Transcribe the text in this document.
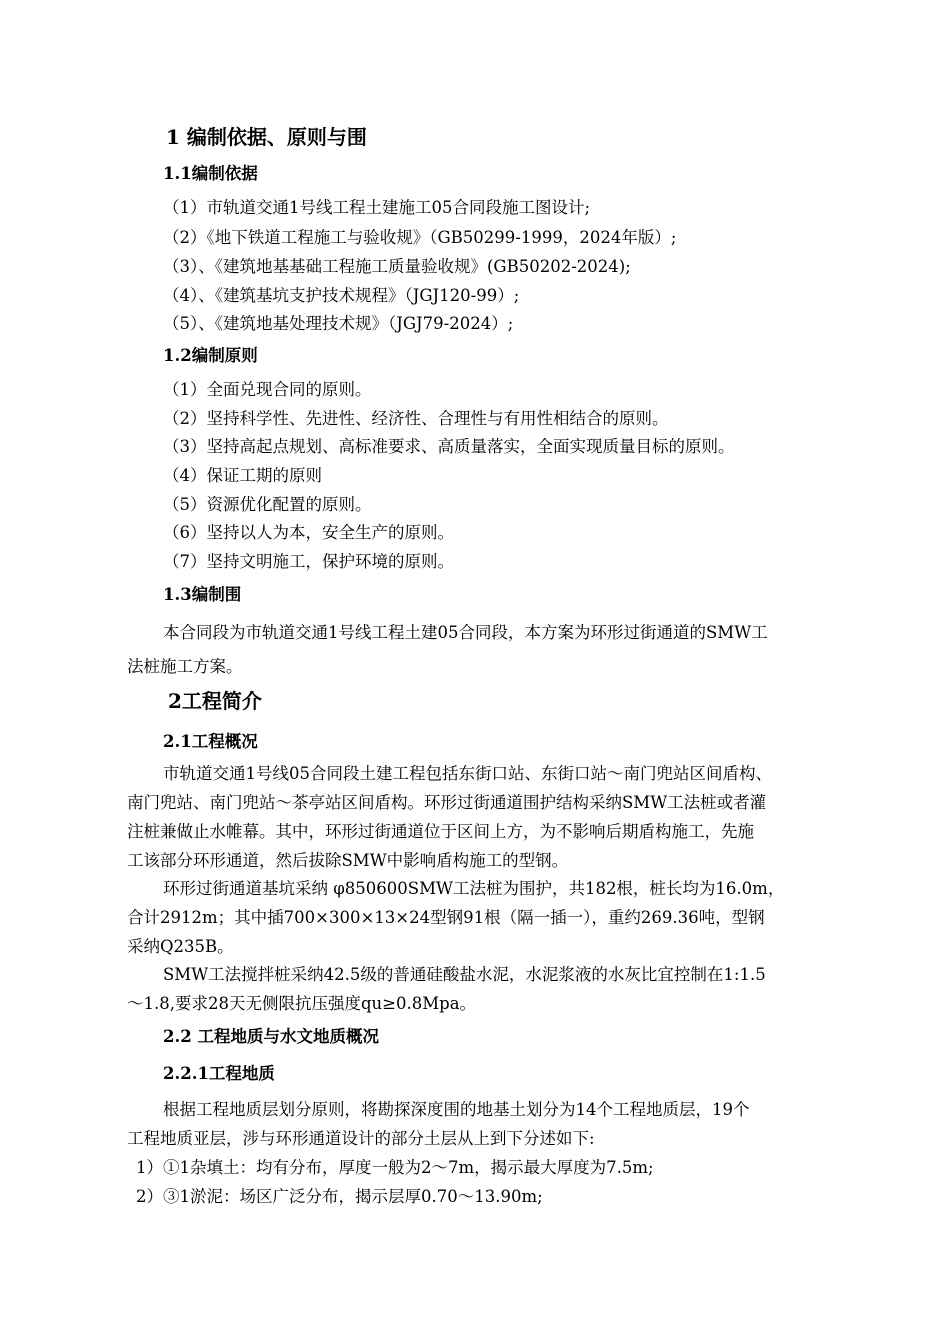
1 编制依据、原则与围
1.1编制依据
（1）市轨道交通1号线工程土建施工05合同段施工图设计;
（2）《地下铁道工程施工与验收规》（GB50299-1999，2024年版）;
（3）、《建筑地基基础工程施工质量验收规》(GB50202-2024);
（4）、《建筑基坑支护技术规程》（JGJ120-99）;
（5）、《建筑地基处理技术规》（JGJ79-2024）;
1.2编制原则
（1）全面兑现合同的原则。
（2）坚持科学性、先进性、经济性、合理性与有用性相结合的原则。
（3）坚持高起点规划、高标准要求、高质量落实，全面实现质量目标的原则。
（4）保证工期的原则
（5）资源优化配置的原则。
（6）坚持以人为本，安全生产的原则。
（7）坚持文明施工，保护环境的原则。
1.3编制围
本合同段为市轨道交通1号线工程土建05合同段，本方案为环形过街通道的SMW工
法桩施工方案。
2工程简介
2.1工程概况
市轨道交通1号线05合同段土建工程包括东街口站、东街口站～南门兜站区间盾构、
南门兜站、南门兜站～茶亭站区间盾构。环形过街通道围护结构采纳SMW工法桩或者灌
注桩兼做止水帷幕。其中，环形过街通道位于区间上方，为不影响后期盾构施工，先施
工该部分环形通道，然后拔除SMW中影响盾构施工的型钢。
环形过街通道基坑采纳 φ850600SMW工法桩为围护，共182根，桩长均为16.0m，
合计2912m；其中插700×300×13×24型钢91根（隔一插一），重约269.36吨，型钢
采纳Q235B。
SMW工法搅拌桩采纳42.5级的普通硅酸盐水泥，水泥浆液的水灰比宜控制在1:1.5
～1.8,要求28天无侧限抗压强度qu≥0.8Mpa。
2.2 工程地质与水文地质概况
2.2.1工程地质
根据工程地质层划分原则，将勘探深度围的地基土划分为14个工程地质层，19个
工程地质亚层，涉与环形通道设计的部分土层从上到下分述如下:
1）①1杂填土：均有分布，厚度一般为2～7m，揭示最大厚度为7.5m;
2）③1淤泥：场区广泛分布，揭示层厚0.70～13.90m;
